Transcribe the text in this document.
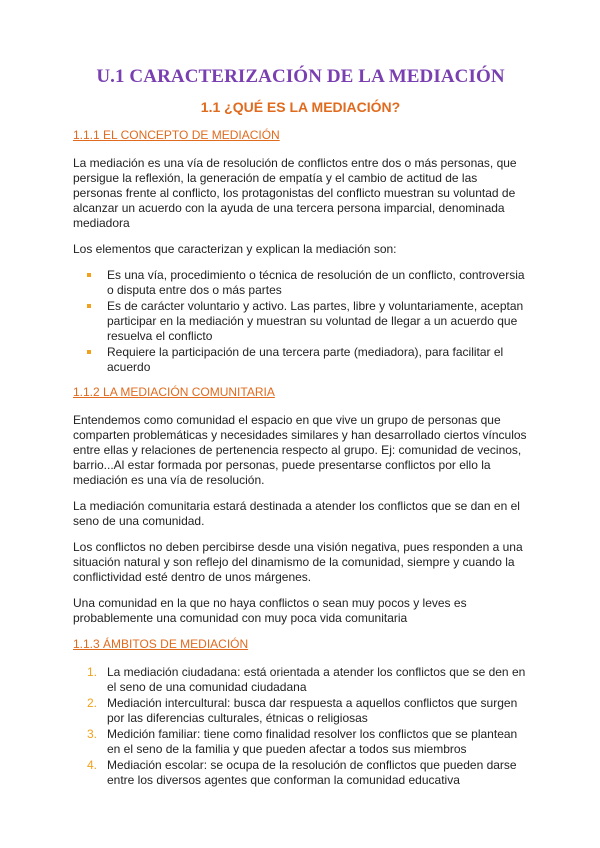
U.1 CARACTERIZACIÓN DE LA MEDIACIÓN
1.1 ¿QUÉ ES LA MEDIACIÓN?
1.1.1 EL CONCEPTO DE MEDIACIÓN

La mediación es una vía de resolución de conflictos entre dos o más personas, que persigue la reflexión, la generación de empatía y el cambio de actitud de las personas frente al conflicto, los protagonistas del conflicto muestran su voluntad de alcanzar un acuerdo con la ayuda de una tercera persona imparcial, denominada mediadora

Los elementos que caracterizan y explican la mediación son:

Es una vía, procedimiento o técnica de resolución de un conflicto, controversia o disputa entre dos o más partes
Es de carácter voluntario y activo. Las partes, libre y voluntariamente, aceptan participar en la mediación y muestran su voluntad de llegar a un acuerdo que resuelva el conflicto
Requiere la participación de una tercera parte (mediadora), para facilitar el acuerdo
1.1.2 LA MEDIACIÓN COMUNITARIA

Entendemos como comunidad el espacio en que vive un grupo de personas que comparten problemáticas y necesidades similares y han desarrollado ciertos vínculos entre ellas y relaciones de pertenencia respecto al grupo. Ej: comunidad de vecinos, barrio...Al estar formada por personas, puede presentarse conflictos por ello la mediación es una vía de resolución.

La mediación comunitaria estará destinada a atender los conflictos que se dan en el seno de una comunidad.

Los conflictos no deben percibirse desde una visión negativa, pues responden a una situación natural y son reflejo del dinamismo de la comunidad, siempre y cuando la conflictividad esté dentro de unos márgenes.

Una comunidad en la que no haya conflictos o sean muy pocos y leves es probablemente una comunidad con muy poca vida comunitaria

1.1.3 ÁMBITOS DE MEDIACIÓN
1. La mediación ciudadana: está orientada a atender los conflictos que se den en el seno de una comunidad ciudadana
2. Mediación intercultural: busca dar respuesta a aquellos conflictos que surgen por las diferencias culturales, étnicas o religiosas
3. Medición familiar: tiene como finalidad resolver los conflictos que se plantean en el seno de la familia y que pueden afectar a todos sus miembros
4. Mediación escolar: se ocupa de la resolución de conflictos que pueden darse entre los diversos agentes que conforman la comunidad educativa
